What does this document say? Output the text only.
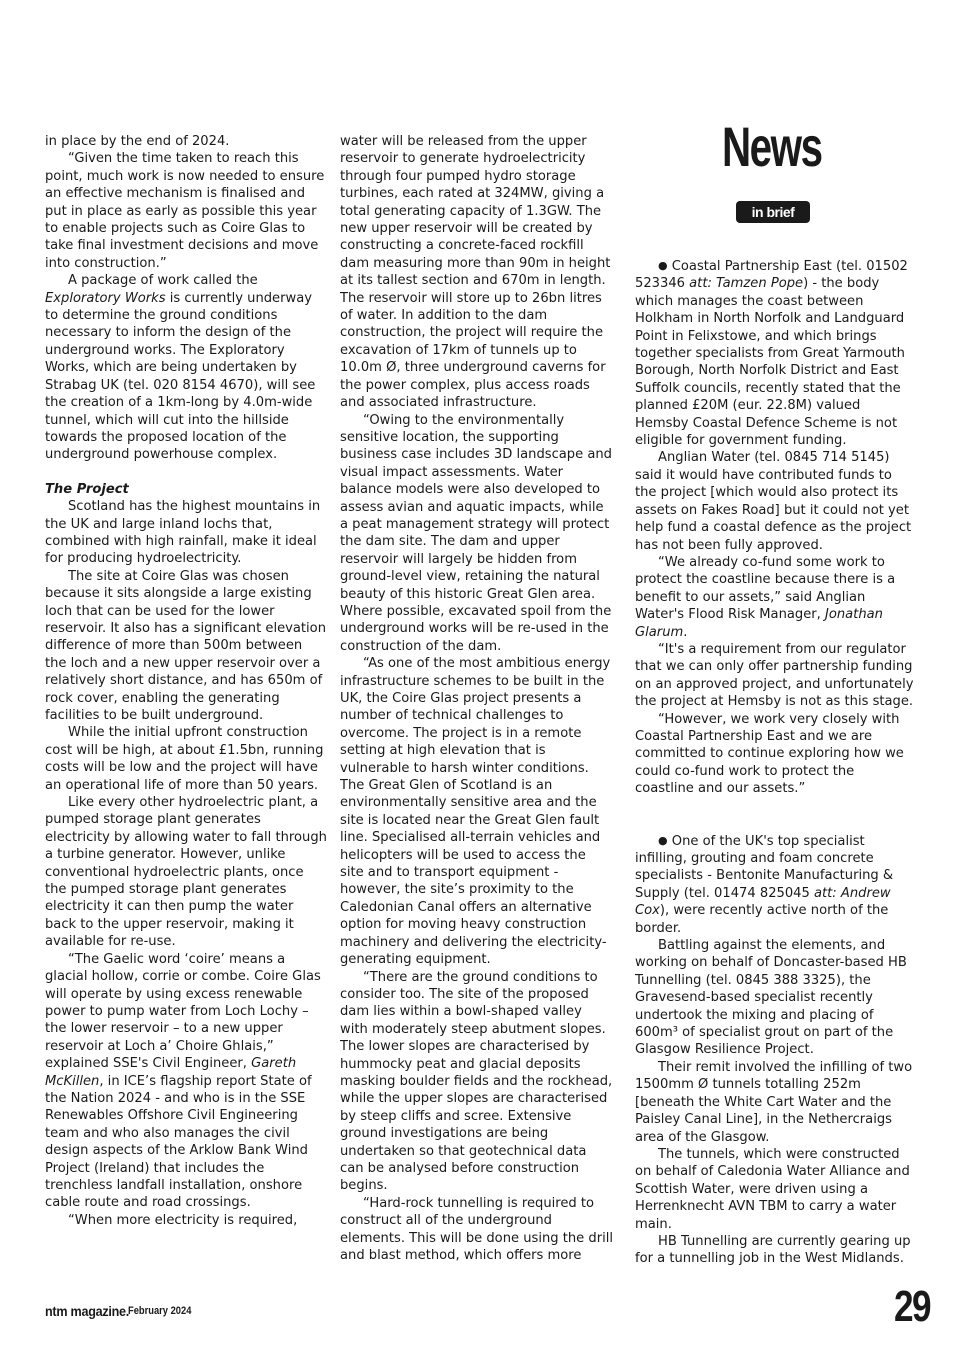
News
in brief

in place by the end of 2024.

“Given the time taken to reach this point, much work is now needed to ensure an effective mechanism is finalised and put in place as early as possible this year to enable projects such as Coire Glas to take final investment decisions and move into construction.”

A package of work called the Exploratory Works is currently underway to determine the ground conditions necessary to inform the design of the underground works. The Exploratory Works, which are being undertaken by Strabag UK (tel. 020 8154 4670), will see the creation of a 1km-long by 4.0m-wide tunnel, which will cut into the hillside towards the proposed location of the underground powerhouse complex.

The Project

Scotland has the highest mountains in the UK and large inland lochs that, combined with high rainfall, make it ideal for producing hydroelectricity.

The site at Coire Glas was chosen because it sits alongside a large existing loch that can be used for the lower reservoir. It also has a significant elevation difference of more than 500m between the loch and a new upper reservoir over a relatively short distance, and has 650m of rock cover, enabling the generating facilities to be built underground.

While the initial upfront construction cost will be high, at about £1.5bn, running costs will be low and the project will have an operational life of more than 50 years.

Like every other hydroelectric plant, a pumped storage plant generates electricity by allowing water to fall through a turbine generator. However, unlike conventional hydroelectric plants, once the pumped storage plant generates electricity it can then pump the water back to the upper reservoir, making it available for re-use.

“The Gaelic word ‘coire’ means a glacial hollow, corrie or combe. Coire Glas will operate by using excess renewable power to pump water from Loch Lochy – the lower reservoir – to a new upper reservoir at Loch a’ Choire Ghlais,” explained SSE's Civil Engineer, Gareth McKillen, in ICE’s flagship report State of the Nation 2024 - and who is in the SSE Renewables Offshore Civil Engineering team and who also manages the civil design aspects of the Arklow Bank Wind Project (Ireland) that includes the trenchless landfall installation, onshore cable route and road crossings.

“When more electricity is required,

water will be released from the upper reservoir to generate hydroelectricity through four pumped hydro storage turbines, each rated at 324MW, giving a total generating capacity of 1.3GW. The new upper reservoir will be created by constructing a concrete-faced rockfill dam measuring more than 90m in height at its tallest section and 670m in length. The reservoir will store up to 26bn litres of water. In addition to the dam construction, the project will require the excavation of 17km of tunnels up to 10.0m Ø, three underground caverns for the power complex, plus access roads and associated infrastructure.

“Owing to the environmentally sensitive location, the supporting business case includes 3D landscape and visual impact assessments. Water balance models were also developed to assess avian and aquatic impacts, while a peat management strategy will protect the dam site. The dam and upper reservoir will largely be hidden from ground-level view, retaining the natural beauty of this historic Great Glen area. Where possible, excavated spoil from the underground works will be re-used in the construction of the dam.

“As one of the most ambitious energy infrastructure schemes to be built in the UK, the Coire Glas project presents a number of technical challenges to overcome. The project is in a remote setting at high elevation that is vulnerable to harsh winter conditions. The Great Glen of Scotland is an environmentally sensitive area and the site is located near the Great Glen fault line. Specialised all-terrain vehicles and helicopters will be used to access the site and to transport equipment - however, the site’s proximity to the Caledonian Canal offers an alternative option for moving heavy construction machinery and delivering the electricity-generating equipment.

“There are the ground conditions to consider too. The site of the proposed dam lies within a bowl-shaped valley with moderately steep abutment slopes. The lower slopes are characterised by hummocky peat and glacial deposits masking boulder fields and the rockhead, while the upper slopes are characterised by steep cliffs and scree. Extensive ground investigations are being undertaken so that geotechnical data can be analysed before construction begins.

“Hard-rock tunnelling is required to construct all of the underground elements. This will be done using the drill and blast method, which offers more

● Coastal Partnership East (tel. 01502 523346 att: Tamzen Pope) - the body which manages the coast between Holkham in North Norfolk and Landguard Point in Felixstowe, and which brings together specialists from Great Yarmouth Borough, North Norfolk District and East Suffolk councils, recently stated that the planned £20M (eur. 22.8M) valued Hemsby Coastal Defence Scheme is not eligible for government funding.

Anglian Water (tel. 0845 714 5145) said it would have contributed funds to the project [which would also protect its assets on Fakes Road] but it could not yet help fund a coastal defence as the project has not been fully approved.

“We already co-fund some work to protect the coastline because there is a benefit to our assets,” said Anglian Water's Flood Risk Manager, Jonathan Glarum.

“It's a requirement from our regulator that we can only offer partnership funding on an approved project, and unfortunately the project at Hemsby is not as this stage.

“However, we work very closely with Coastal Partnership East and we are committed to continue exploring how we could co-fund work to protect the coastline and our assets.”

● One of the UK's top specialist infilling, grouting and foam concrete specialists - Bentonite Manufacturing & Supply (tel. 01474 825045 att: Andrew Cox), were recently active north of the border.

Battling against the elements, and working on behalf of Doncaster-based HB Tunnelling (tel. 0845 388 3325), the Gravesend-based specialist recently undertook the mixing and placing of 600m³ of specialist grout on part of the Glasgow Resilience Project.

Their remit involved the infilling of two 1500mm Ø tunnels totalling 252m [beneath the White Cart Water and the Paisley Canal Line], in the Nethercraigs area of the Glasgow.

The tunnels, which were constructed on behalf of Caledonia Water Alliance and Scottish Water, were driven using a Herrenknecht AVN TBM to carry a water main.

HB Tunnelling are currently gearing up for a tunnelling job in the West Midlands.

ntm magazine.
February 2024	29
